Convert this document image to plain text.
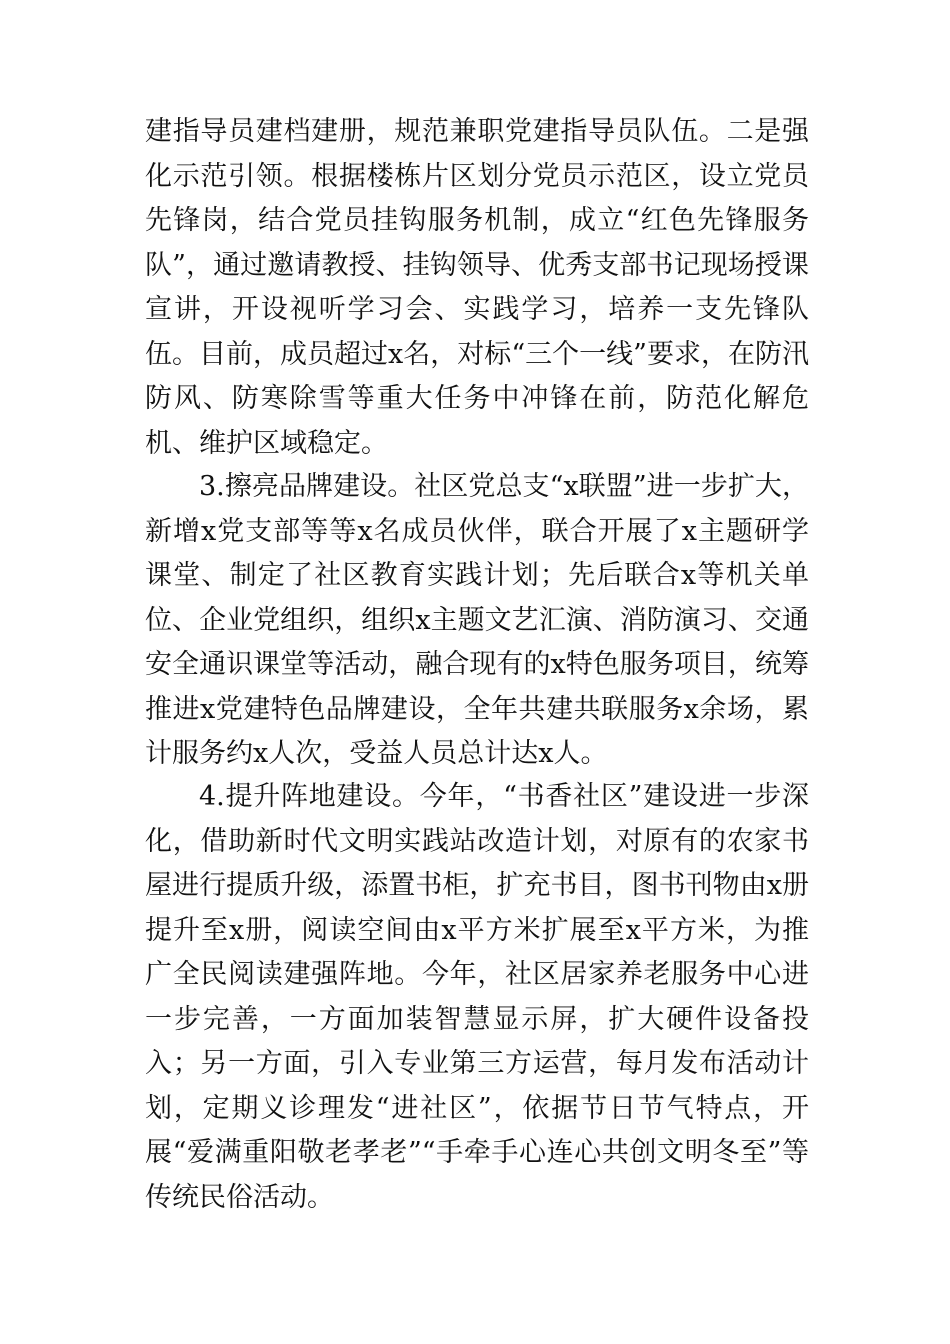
建指导员建档建册，规范兼职党建指导员队伍。二是强化示范引领。根据楼栋片区划分党员示范区，设立党员先锋岗，结合党员挂钩服务机制，成立“红色先锋服务队”，通过邀请教授、挂钩领导、优秀支部书记现场授课宣讲，开设视听学习会、实践学习，培养一支先锋队伍。目前，成员超过x名，对标“三个一线”要求，在防汛防风、防寒除雪等重大任务中冲锋在前，防范化解危机、维护区域稳定。

3.擦亮品牌建设。社区党总支“x联盟”进一步扩大，新增x党支部等等x名成员伙伴，联合开展了x主题研学课堂、制定了社区教育实践计划；先后联合x等机关单位、企业党组织，组织x主题文艺汇演、消防演习、交通安全通识课堂等活动，融合现有的x特色服务项目，统筹推进x党建特色品牌建设，全年共建共联服务x余场，累计服务约x人次，受益人员总计达x人。

4.提升阵地建设。今年，“书香社区”建设进一步深化，借助新时代文明实践站改造计划，对原有的农家书屋进行提质升级，添置书柜，扩充书目，图书刊物由x册提升至x册，阅读空间由x平方米扩展至x平方米，为推广全民阅读建强阵地。今年，社区居家养老服务中心进一步完善，一方面加装智慧显示屏，扩大硬件设备投入；另一方面，引入专业第三方运营，每月发布活动计划，定期义诊理发“进社区”，依据节日节气特点，开展“爱满重阳敬老孝老”“手牵手心连心共创文明冬至”等传统民俗活动。
